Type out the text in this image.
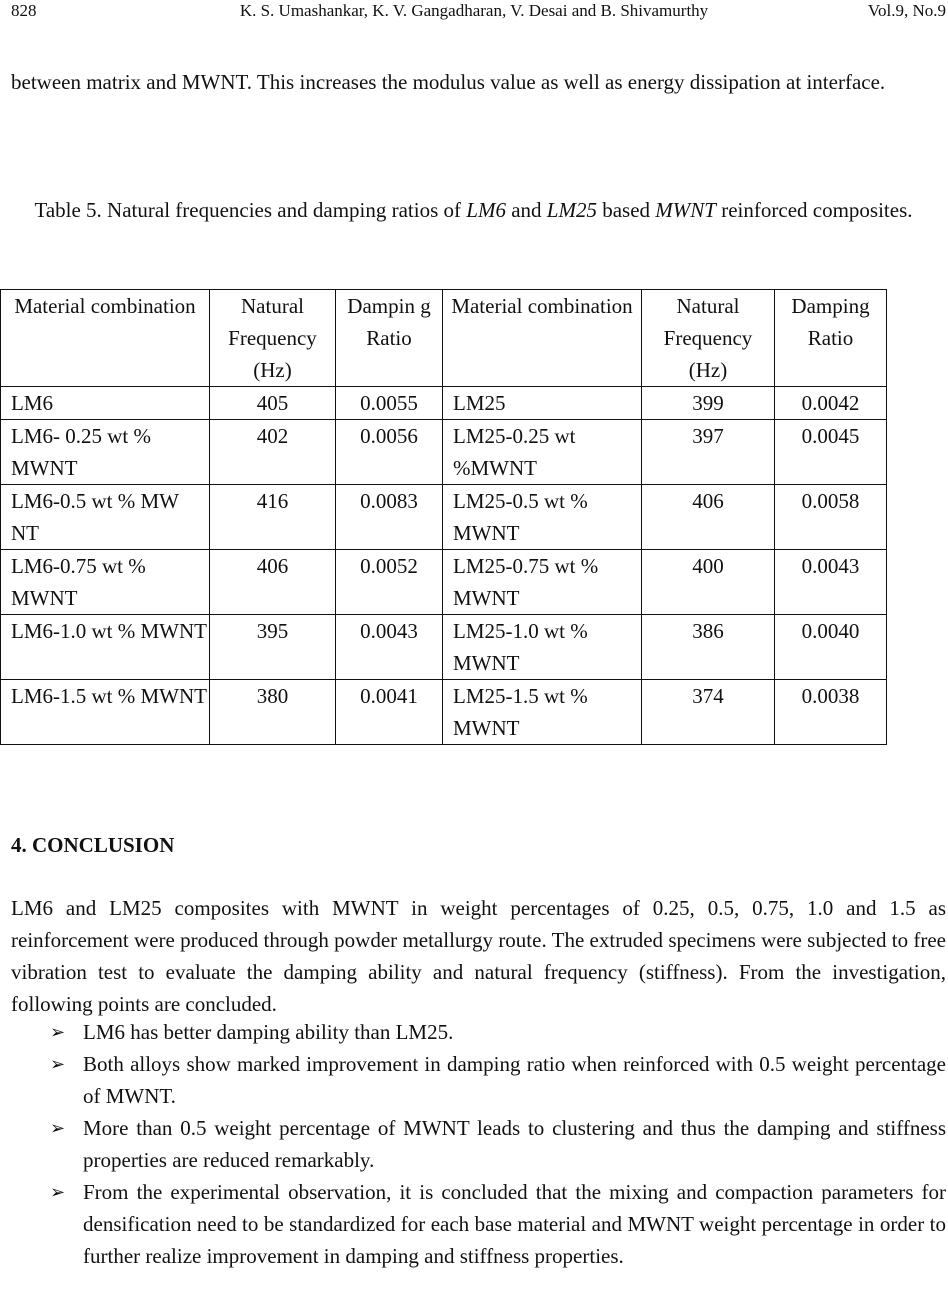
828	K. S. Umashankar, K. V. Gangadharan, V. Desai and B. Shivamurthy	Vol.9, No.9

between matrix and MWNT. This increases the modulus value as well as energy dissipation at interface.

Table 5. Natural frequencies and damping ratios of LM6 and LM25 based MWNT reinforced composites.
Material combination	Natural Frequency (Hz)	Dampin g Ratio	Material combination	Natural Frequency (Hz)	Damping Ratio
LM6	405	0.0055	LM25	399	0.0042
LM6- 0.25 wt % MWNT	402	0.0056	LM25-0.25 wt %MWNT	397	0.0045
LM6-0.5 wt % MW NT	416	0.0083	LM25-0.5 wt % MWNT	406	0.0058
LM6-0.75 wt % MWNT	406	0.0052	LM25-0.75 wt % MWNT	400	0.0043
LM6-1.0 wt % MWNT	395	0.0043	LM25-1.0 wt % MWNT	386	0.0040
LM6-1.5 wt % MWNT	380	0.0041	LM25-1.5 wt % MWNT	374	0.0038
4. CONCLUSION

LM6 and LM25 composites with MWNT in weight percentages of 0.25, 0.5, 0.75, 1.0 and 1.5 as reinforcement were produced through powder metallurgy route. The extruded specimens were subjected to free vibration test to evaluate the damping ability and natural frequency (stiffness). From the investigation, following points are concluded.

➢ LM6 has better damping ability than LM25.
➢ Both alloys show marked improvement in damping ratio when reinforced with 0.5 weight percentage of MWNT.
➢ More than 0.5 weight percentage of MWNT leads to clustering and thus the damping and stiffness properties are reduced remarkably.
➢ From the experimental observation, it is concluded that the mixing and compaction parameters for densification need to be standardized for each base material and MWNT weight percentage in order to further realize improvement in damping and stiffness properties.
